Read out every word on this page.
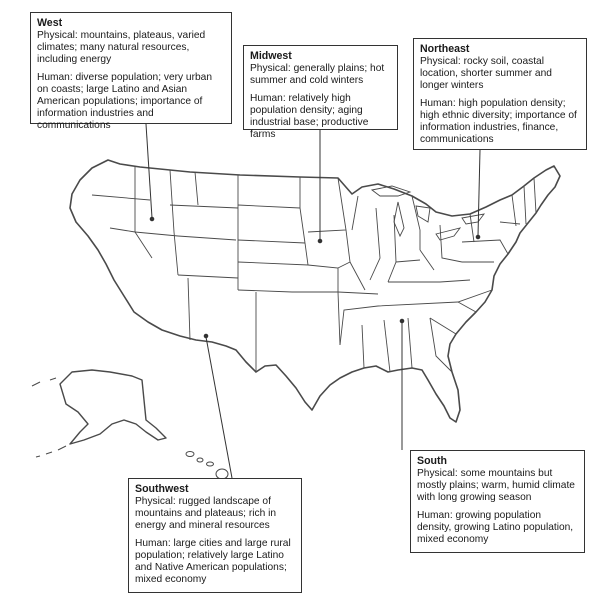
West

Physical: mountains, plateaus, varied climates; many natural resources, including energy

Human: diverse population; very urban on coasts; large Latino and Asian American populations; importance of information industries and communications

Midwest

Physical: generally plains; hot summer and cold winters

Human: relatively high population density; aging industrial base; productive farms

Northeast

Physical: rocky soil, coastal location, shorter summer and longer winters

Human: high population density; high ethnic diversity; importance of information industries, finance, communications

South

Physical: some mountains but mostly plains; warm, humid climate with long growing season

Human: growing population density, growing Latino population, mixed economy

Southwest

Physical: rugged landscape of mountains and plateaus; rich in energy and mineral resources

Human: large cities and large rural population; relatively large Latino and Native American populations; mixed economy
